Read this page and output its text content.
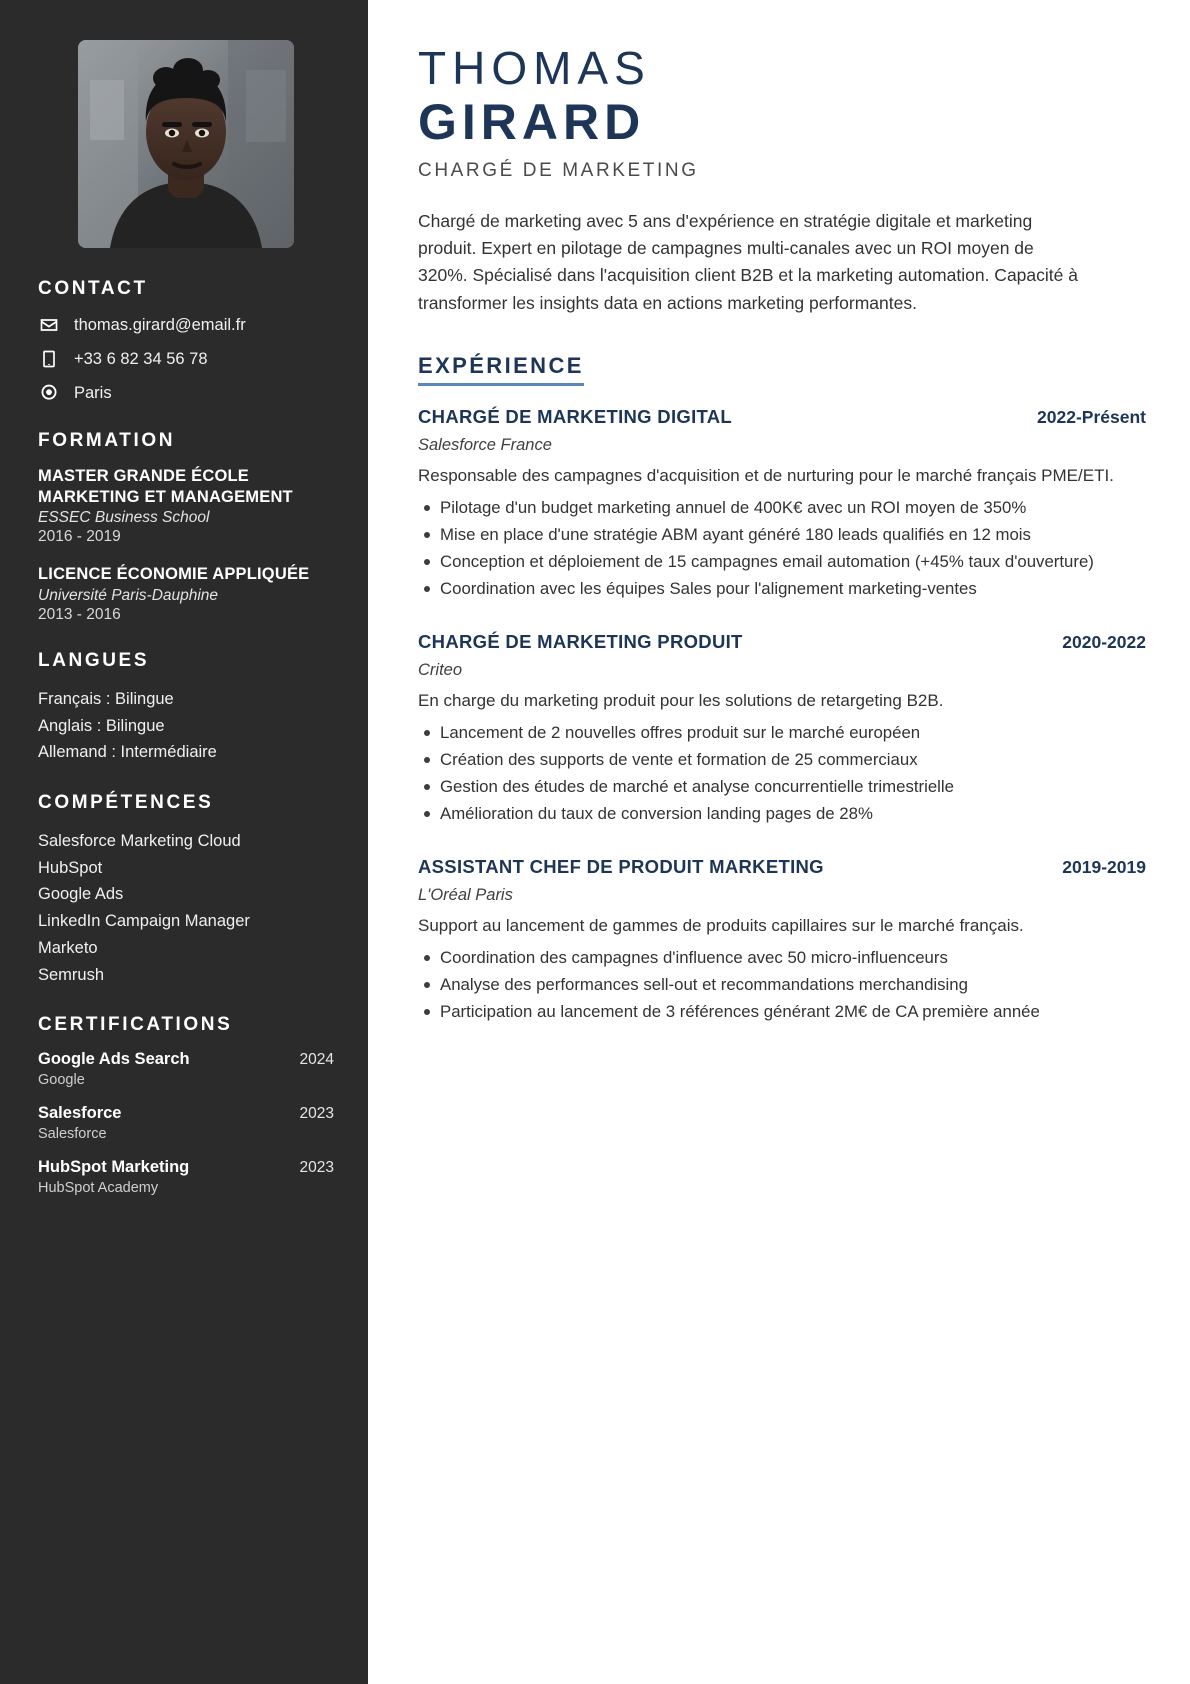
CONTACT
thomas.girard@email.fr
+33 6 82 34 56 78
Paris
FORMATION
MASTER GRANDE ÉCOLE MARKETING ET MANAGEMENT
ESSEC Business School
2016 - 2019
LICENCE ÉCONOMIE APPLIQUÉE
Université Paris-Dauphine
2013 - 2016
LANGUES
Français : Bilingue
Anglais : Bilingue
Allemand : Intermédiaire
COMPÉTENCES
Salesforce Marketing Cloud
HubSpot
Google Ads
LinkedIn Campaign Manager
Marketo
Semrush
CERTIFICATIONS
Google Ads Search	2024
Google
Salesforce	2023
Salesforce
HubSpot Marketing	2023
HubSpot Academy
THOMAS
GIRARD
CHARGÉ DE MARKETING

Chargé de marketing avec 5 ans d'expérience en stratégie digitale et marketing produit. Expert en pilotage de campagnes multi-canales avec un ROI moyen de 320%. Spécialisé dans l'acquisition client B2B et la marketing automation. Capacité à transformer les insights data en actions marketing performantes.

EXPÉRIENCE
CHARGÉ DE MARKETING DIGITAL	2022-Présent
Salesforce France
Responsable des campagnes d'acquisition et de nurturing pour le marché français PME/ETI.
Pilotage d'un budget marketing annuel de 400K€ avec un ROI moyen de 350%
Mise en place d'une stratégie ABM ayant généré 180 leads qualifiés en 12 mois
Conception et déploiement de 15 campagnes email automation (+45% taux d'ouverture)
Coordination avec les équipes Sales pour l'alignement marketing-ventes
CHARGÉ DE MARKETING PRODUIT	2020-2022
Criteo
En charge du marketing produit pour les solutions de retargeting B2B.
Lancement de 2 nouvelles offres produit sur le marché européen
Création des supports de vente et formation de 25 commerciaux
Gestion des études de marché et analyse concurrentielle trimestrielle
Amélioration du taux de conversion landing pages de 28%
ASSISTANT CHEF DE PRODUIT MARKETING	2019-2019
L'Oréal Paris
Support au lancement de gammes de produits capillaires sur le marché français.
Coordination des campagnes d'influence avec 50 micro-influenceurs
Analyse des performances sell-out et recommandations merchandising
Participation au lancement de 3 références générant 2M€ de CA première année
